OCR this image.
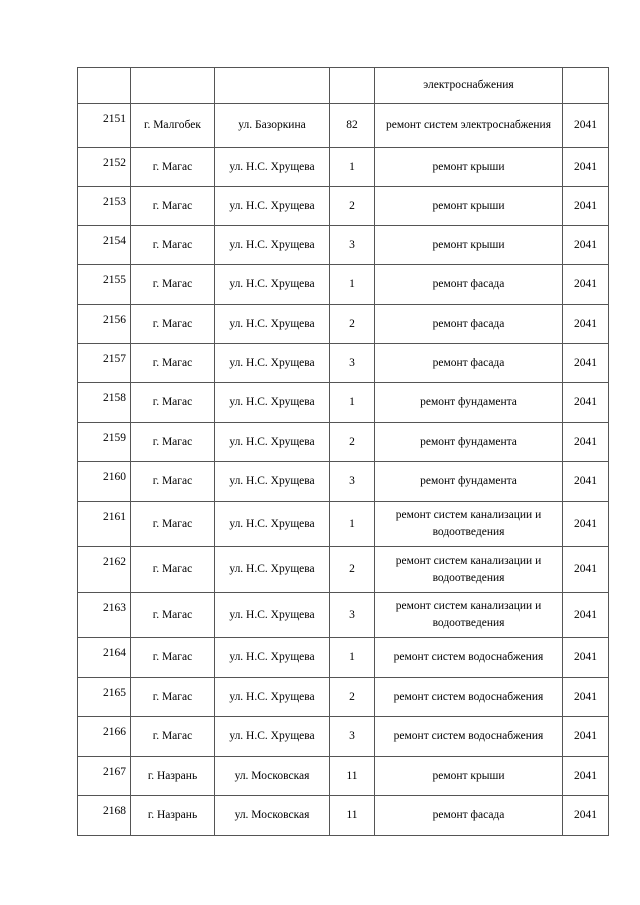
				электроснабжения	
2151	г. Малгобек	ул. Базоркина	82	ремонт систем электроснабжения	2041
2152	г. Магас	ул. Н.С. Хрущева	1	ремонт крыши	2041
2153	г. Магас	ул. Н.С. Хрущева	2	ремонт крыши	2041
2154	г. Магас	ул. Н.С. Хрущева	3	ремонт крыши	2041
2155	г. Магас	ул. Н.С. Хрущева	1	ремонт фасада	2041
2156	г. Магас	ул. Н.С. Хрущева	2	ремонт фасада	2041
2157	г. Магас	ул. Н.С. Хрущева	3	ремонт фасада	2041
2158	г. Магас	ул. Н.С. Хрущева	1	ремонт фундамента	2041
2159	г. Магас	ул. Н.С. Хрущева	2	ремонт фундамента	2041
2160	г. Магас	ул. Н.С. Хрущева	3	ремонт фундамента	2041
2161	г. Магас	ул. Н.С. Хрущева	1	ремонт систем канализации и водоотведения	2041
2162	г. Магас	ул. Н.С. Хрущева	2	ремонт систем канализации и водоотведения	2041
2163	г. Магас	ул. Н.С. Хрущева	3	ремонт систем канализации и водоотведения	2041
2164	г. Магас	ул. Н.С. Хрущева	1	ремонт систем водоснабжения	2041
2165	г. Магас	ул. Н.С. Хрущева	2	ремонт систем водоснабжения	2041
2166	г. Магас	ул. Н.С. Хрущева	3	ремонт систем водоснабжения	2041
2167	г. Назрань	ул. Московская	11	ремонт крыши	2041
2168	г. Назрань	ул. Московская	11	ремонт фасада	2041
